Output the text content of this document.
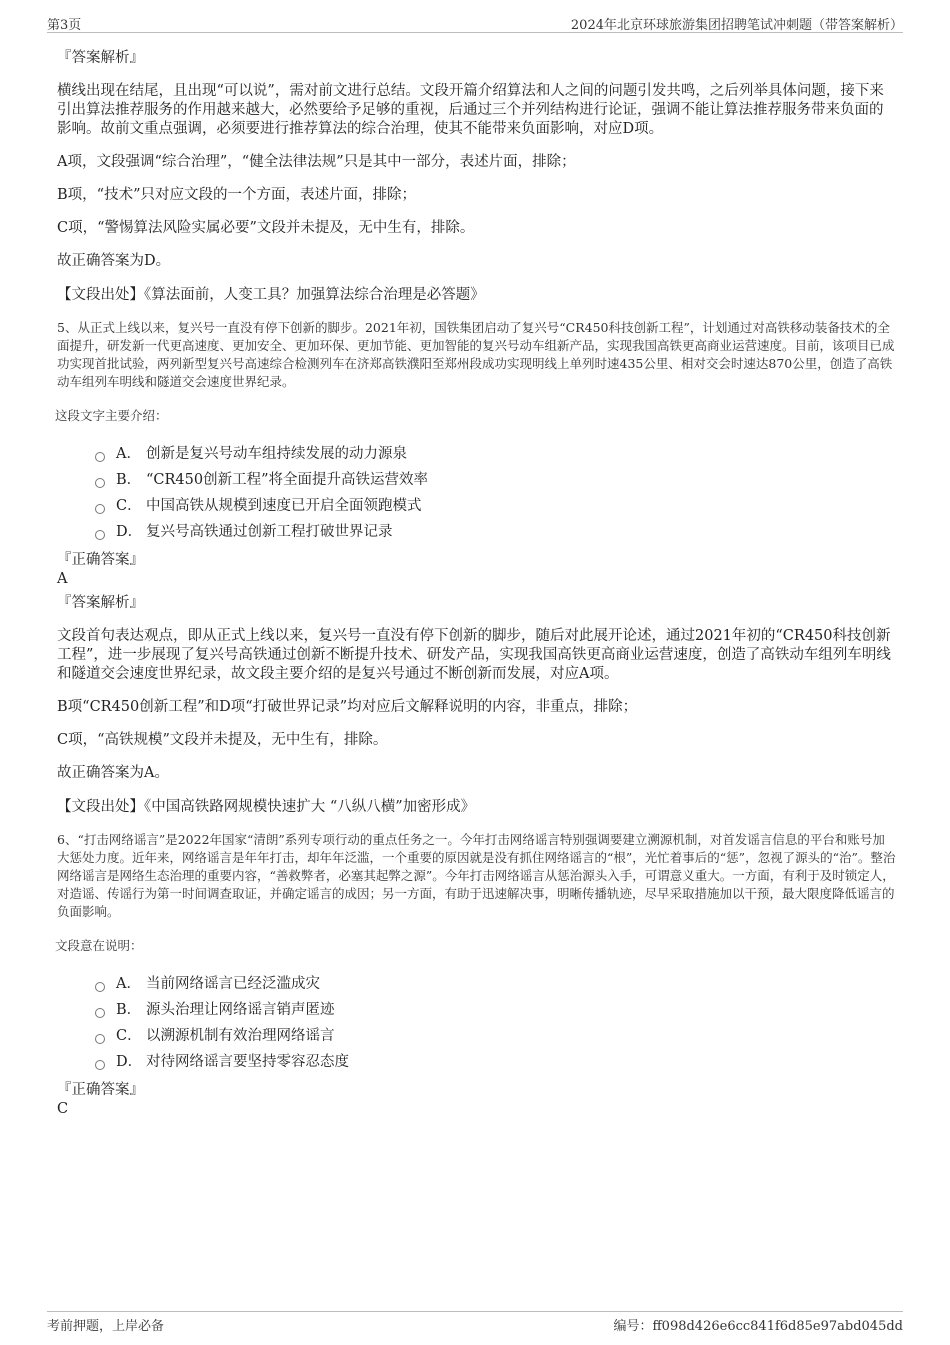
第3页	2024年北京环球旅游集团招聘笔试冲刺题（带答案解析）
『答案解析』

横线出现在结尾，且出现“可以说”，需对前文进行总结。文段开篇介绍算法和人之间的问题引发共鸣，之后列举具体问题，接下来引出算法推荐服务的作用越来越大，必然要给予足够的重视，后通过三个并列结构进行论证，强调不能让算法推荐服务带来负面的影响。故前文重点强调，必须要进行推荐算法的综合治理，使其不能带来负面影响，对应D项。

A项，文段强调“综合治理”，“健全法律法规”只是其中一部分，表述片面，排除；

B项，“技术”只对应文段的一个方面，表述片面，排除；

C项，“警惕算法风险实属必要”文段并未提及，无中生有，排除。

故正确答案为D。

【文段出处】《算法面前，人变工具？加强算法综合治理是必答题》

5、从正式上线以来，复兴号一直没有停下创新的脚步。2021年初，国铁集团启动了复兴号“CR450科技创新工程”，计划通过对高铁移动装备技术的全面提升，研发新一代更高速度、更加安全、更加环保、更加节能、更加智能的复兴号动车组新产品，实现我国高铁更高商业运营速度。目前，该项目已成功实现首批试验，两列新型复兴号高速综合检测列车在济郑高铁濮阳至郑州段成功实现明线上单列时速435公里、相对交会时速达870公里，创造了高铁动车组列车明线和隧道交会速度世界纪录。

这段文字主要介绍：

A． 创新是复兴号动车组持续发展的动力源泉
B． “CR450创新工程”将全面提升高铁运营效率
C． 中国高铁从规模到速度已开启全面领跑模式
D． 复兴号高铁通过创新工程打破世界记录

『正确答案』

A

『答案解析』

文段首句表达观点，即从正式上线以来，复兴号一直没有停下创新的脚步，随后对此展开论述，通过2021年初的“CR450科技创新工程”，进一步展现了复兴号高铁通过创新不断提升技术、研发产品，实现我国高铁更高商业运营速度，创造了高铁动车组列车明线和隧道交会速度世界纪录，故文段主要介绍的是复兴号通过不断创新而发展，对应A项。

B项“CR450创新工程”和D项“打破世界记录”均对应后文解释说明的内容，非重点，排除；

C项，“高铁规模”文段并未提及，无中生有，排除。

故正确答案为A。

【文段出处】《中国高铁路网规模快速扩大 “八纵八横”加密形成》

6、“打击网络谣言”是2022年国家“清朗”系列专项行动的重点任务之一。今年打击网络谣言特别强调要建立溯源机制，对首发谣言信息的平台和账号加大惩处力度。近年来，网络谣言是年年打击，却年年泛滥，一个重要的原因就是没有抓住网络谣言的“根”，光忙着事后的“惩”，忽视了源头的“治”。整治网络谣言是网络生态治理的重要内容，“善救弊者，必塞其起弊之源”。今年打击网络谣言从惩治源头入手，可谓意义重大。一方面，有利于及时锁定人，对造谣、传谣行为第一时间调查取证，并确定谣言的成因；另一方面，有助于迅速解决事，明晰传播轨迹，尽早采取措施加以干预，最大限度降低谣言的负面影响。

文段意在说明：

A． 当前网络谣言已经泛滥成灾
B． 源头治理让网络谣言销声匿迹
C． 以溯源机制有效治理网络谣言
D． 对待网络谣言要坚持零容忍态度

『正确答案』

C

考前押题，上岸必备	编号：ff098d426e6cc841f6d85e97abd045dd
